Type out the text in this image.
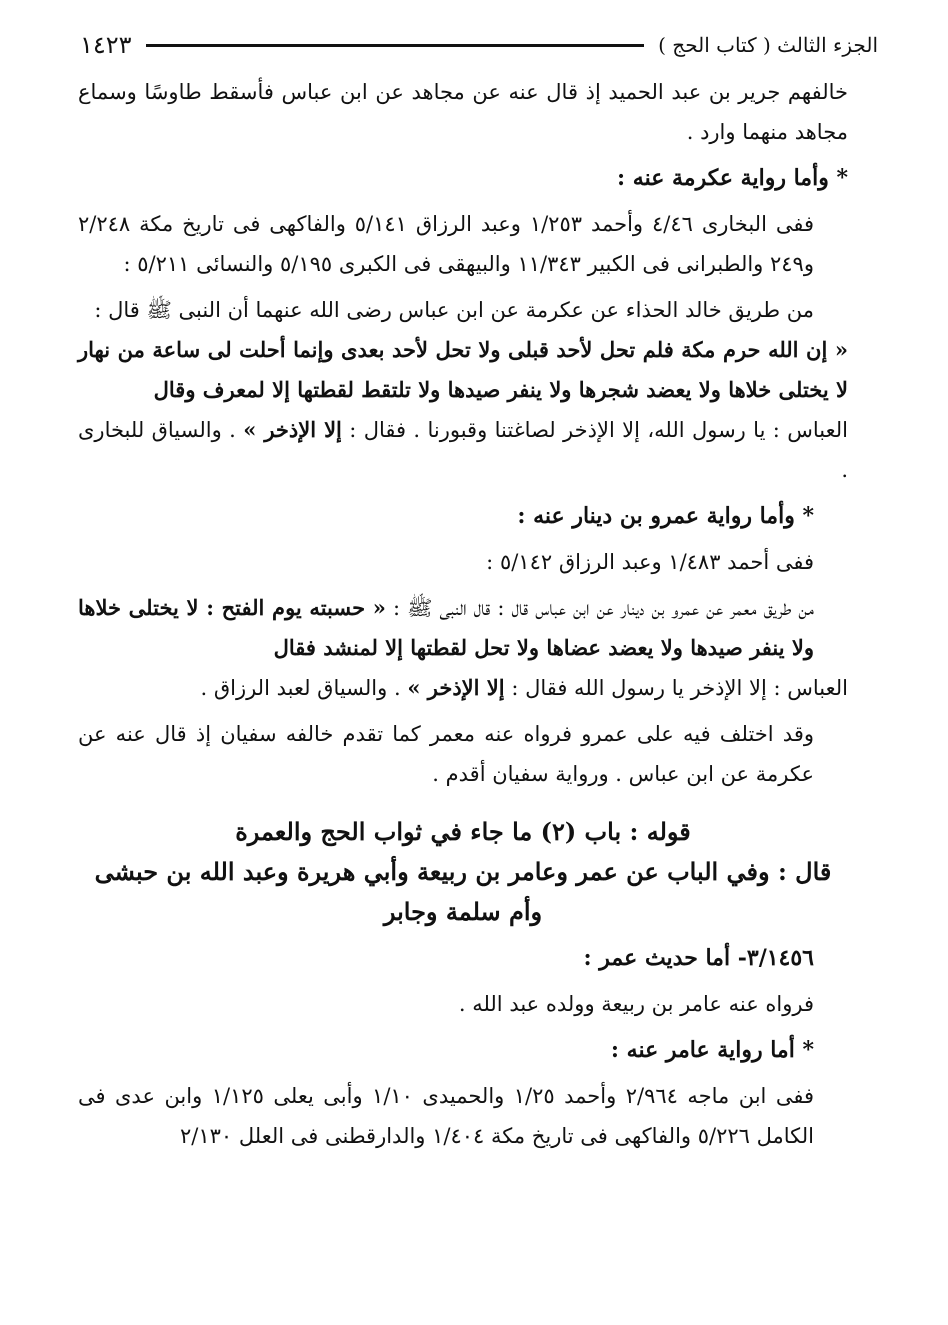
الجزء الثالث ( كتاب الحج )
١٤٢٣

خالفهم جرير بن عبد الحميد إذ قال عنه عن مجاهد عن ابن عباس فأسقط طاوسًا وسماع مجاهد منهما وارد .

* وأما رواية عكرمة عنه :

ففى البخارى ٤/٤٦ وأحمد ١/٢٥٣ وعبد الرزاق ٥/١٤١ والفاكهى فى تاريخ مكة ٢/٢٤٨ و٢٤٩ والطبرانى فى الكبير ١١/٣٤٣ والبيهقى فى الكبرى ٥/١٩٥ والنسائى ٥/٢١١ :

من طريق خالد الحذاء عن عكرمة عن ابن عباس رضى الله عنهما أن النبى ﷺ قال :

« إن الله حرم مكة فلم تحل لأحد قبلى ولا تحل لأحد بعدى وإنما أحلت لى ساعة من نهار لا يختلى خلاها ولا يعضد شجرها ولا ينفر صيدها ولا تلتقط لقطتها إلا لمعرف وقال

العباس : يا رسول الله، إلا الإذخر لصاغتنا وقبورنا . فقال : إلا الإذخر » . والسياق للبخارى .

* وأما رواية عمرو بن دينار عنه :

ففى أحمد ١/٤٨٣ وعبد الرزاق ٥/١٤٢ :

من طريق معمر عن عمرو بن دينار عن ابن عباس قال : قال النبى ﷺ : « حسبته يوم الفتح : لا يختلى خلاها ولا ينفر صيدها ولا يعضد عضاها ولا تحل لقطتها إلا لمنشد فقال

العباس : إلا الإذخر يا رسول الله فقال : إلا الإذخر » . والسياق لعبد الرزاق .

وقد اختلف فيه على عمرو فرواه عنه معمر كما تقدم خالفه سفيان إذ قال عنه عن عكرمة عن ابن عباس . ورواية سفيان أقدم .

قوله : باب (٢) ما جاء في ثواب الحج والعمرة

قال : وفي الباب عن عمر وعامر بن ربيعة وأبي هريرة وعبد الله بن حبشى وأم سلمة وجابر

٣/١٤٥٦- أما حديث عمر :

فرواه عنه عامر بن ربيعة وولده عبد الله .

* أما رواية عامر عنه :

ففى ابن ماجه ٢/٩٦٤ وأحمد ١/٢٥ والحميدى ١/١٠ وأبى يعلى ١/١٢٥ وابن عدى فى الكامل ٥/٢٢٦ والفاكهى فى تاريخ مكة ١/٤٠٤ والدارقطنى فى العلل ٢/١٣٠
